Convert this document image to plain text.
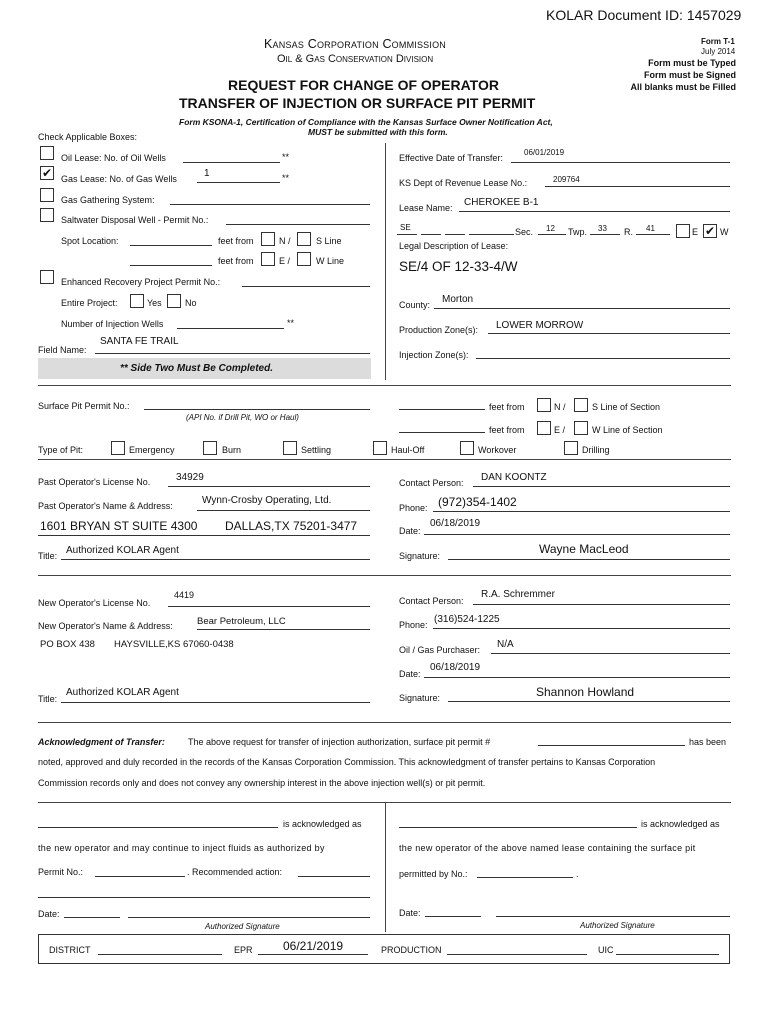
KOLAR Document ID: 1457029
Kansas Corporation Commission
Oil & Gas Conservation Division
Form T-1
July 2014
Form must be Typed
Form must be Signed
All blanks must be Filled
REQUEST FOR CHANGE OF OPERATOR
TRANSFER OF INJECTION OR SURFACE PIT PERMIT
Form KSONA-1, Certification of Compliance with the Kansas Surface Owner Notification Act,
MUST be submitted with this form.
Check Applicable Boxes:
Oil Lease: No. of Oil Wells	**
✔ Gas Lease: No. of Gas Wells	1	**
Gas Gathering System:
Saltwater Disposal Well - Permit No.:
Spot Location:	feet from	N /	S Line
feet from	E /	W Line
Enhanced Recovery Project Permit No.:
Entire Project:	Yes	No
Number of Injection Wells	**
Field Name:
SANTA FE TRAIL
** Side Two Must Be Completed.
Effective Date of Transfer:
06/01/2019
KS Dept of Revenue Lease No.:	209764
Lease Name: CHEROKEE B-1
SE	Sec. 12 Twp. 33 R. 41	E ✔ W
Legal Description of Lease:
SE/4 OF 12-33-4/W
County: Morton
Production Zone(s): LOWER MORROW
Injection Zone(s):
Surface Pit Permit No.:
(API No. if Drill Pit, WO or Haul)
feet from	N /	S Line of Section
feet from	E /	W Line of Section
Type of Pit:	Emergency	Burn	Settling	Haul-Off	Workover	Drilling
Past Operator's License No.	34929
Past Operator's Name & Address:	Wynn-Crosby Operating, Ltd.
1601 BRYAN ST SUITE 4300 DALLAS,TX 75201-3477
Title: Authorized KOLAR Agent
Contact Person: DAN KOONTZ
Phone: (972)354-1402
Date:
06/18/2019
Signature:	Wayne MacLeod
New Operator's License No.
4419
New Operator's Name & Address:	Bear Petroleum, LLC
PO BOX 438 HAYSVILLE,KS 67060-0438
Title:
Authorized KOLAR Agent
Contact Person:
R.A. Schremmer
Phone: (316)524-1225
Oil / Gas Purchaser: N/A
Date:
06/18/2019
Signature:	Shannon Howland
Acknowledgment of Transfer:	The above request for transfer of injection authorization, surface pit permit #	has been
noted, approved and duly recorded in the records of the Kansas Corporation Commission. This acknowledgment of transfer pertains to Kansas Corporation
Commission records only and does not convey any ownership interest in the above injection well(s) or pit permit.
is acknowledged as
the new operator and may continue to inject fluids as authorized by
Permit No.:	. Recommended action:
Date:
Authorized Signature
is acknowledged as
the new operator of the above named lease containing the surface pit
permitted by No.:	.
Date:
Authorized Signature
DISTRICT	EPR	06/21/2019	PRODUCTION	UIC
